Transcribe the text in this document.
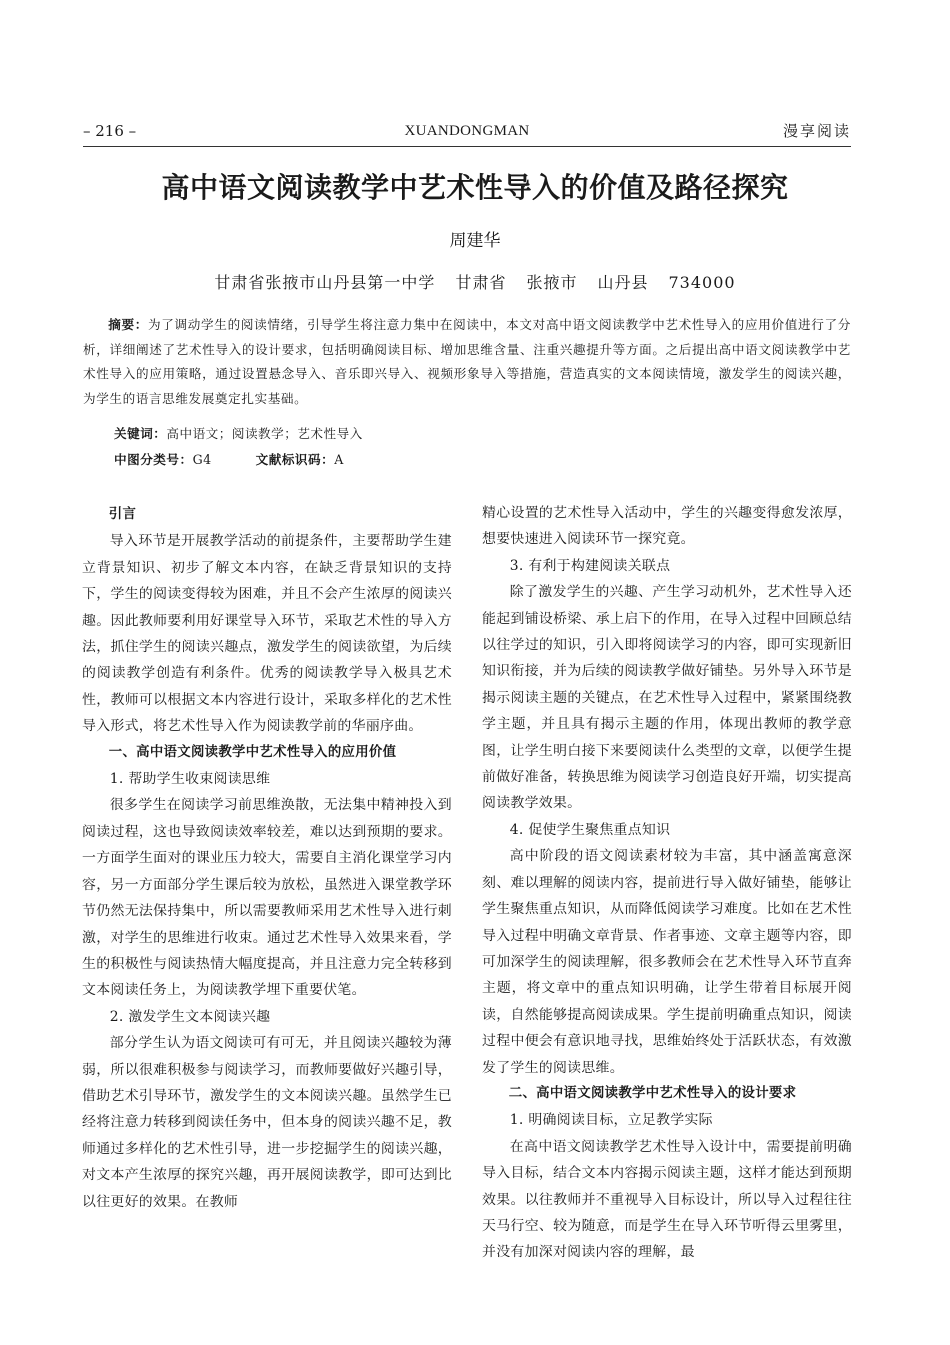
– 216 –	XUANDONGMAN	漫享阅读
高中语文阅读教学中艺术性导入的价值及路径探究
周建华
甘肃省张掖市山丹县第一中学 甘肃省 张掖市 山丹县 734000

摘要：为了调动学生的阅读情绪，引导学生将注意力集中在阅读中，本文对高中语文阅读教学中艺术性导入的应用价值进行了分析，详细阐述了艺术性导入的设计要求，包括明确阅读目标、增加思维含量、注重兴趣提升等方面。之后提出高中语文阅读教学中艺术性导入的应用策略，通过设置悬念导入、音乐即兴导入、视频形象导入等措施，营造真实的文本阅读情境，激发学生的阅读兴趣，为学生的语言思维发展奠定扎实基础。

关键词：高中语文；阅读教学；艺术性导入
中图分类号：G4	文献标识码：A

引言

导入环节是开展教学活动的前提条件，主要帮助学生建立背景知识、初步了解文本内容，在缺乏背景知识的支持下，学生的阅读变得较为困难，并且不会产生浓厚的阅读兴趣。因此教师要利用好课堂导入环节，采取艺术性的导入方法，抓住学生的阅读兴趣点，激发学生的阅读欲望，为后续的阅读教学创造有利条件。优秀的阅读教学导入极具艺术性，教师可以根据文本内容进行设计，采取多样化的艺术性导入形式，将艺术性导入作为阅读教学前的华丽序曲。

一、高中语文阅读教学中艺术性导入的应用价值

1. 帮助学生收束阅读思维

很多学生在阅读学习前思维涣散，无法集中精神投入到阅读过程，这也导致阅读效率较差，难以达到预期的要求。一方面学生面对的课业压力较大，需要自主消化课堂学习内容，另一方面部分学生课后较为放松，虽然进入课堂教学环节仍然无法保持集中，所以需要教师采用艺术性导入进行刺激，对学生的思维进行收束。通过艺术性导入效果来看，学生的积极性与阅读热情大幅度提高，并且注意力完全转移到文本阅读任务上，为阅读教学埋下重要伏笔。

2. 激发学生文本阅读兴趣

部分学生认为语文阅读可有可无，并且阅读兴趣较为薄弱，所以很难积极参与阅读学习，而教师要做好兴趣引导，借助艺术引导环节，激发学生的文本阅读兴趣。虽然学生已经将注意力转移到阅读任务中，但本身的阅读兴趣不足，教师通过多样化的艺术性引导，进一步挖掘学生的阅读兴趣，对文本产生浓厚的探究兴趣，再开展阅读教学，即可达到比以往更好的效果。在教师

精心设置的艺术性导入活动中，学生的兴趣变得愈发浓厚，想要快速进入阅读环节一探究竟。

3. 有利于构建阅读关联点

除了激发学生的兴趣、产生学习动机外，艺术性导入还能起到铺设桥梁、承上启下的作用，在导入过程中回顾总结以往学过的知识，引入即将阅读学习的内容，即可实现新旧知识衔接，并为后续的阅读教学做好铺垫。另外导入环节是揭示阅读主题的关键点，在艺术性导入过程中，紧紧围绕教学主题，并且具有揭示主题的作用，体现出教师的教学意图，让学生明白接下来要阅读什么类型的文章，以便学生提前做好准备，转换思维为阅读学习创造良好开端，切实提高阅读教学效果。

4. 促使学生聚焦重点知识

高中阶段的语文阅读素材较为丰富，其中涵盖寓意深刻、难以理解的阅读内容，提前进行导入做好铺垫，能够让学生聚焦重点知识，从而降低阅读学习难度。比如在艺术性导入过程中明确文章背景、作者事迹、文章主题等内容，即可加深学生的阅读理解，很多教师会在艺术性导入环节直奔主题，将文章中的重点知识明确，让学生带着目标展开阅读，自然能够提高阅读成果。学生提前明确重点知识，阅读过程中便会有意识地寻找，思维始终处于活跃状态，有效激发了学生的阅读思维。

二、高中语文阅读教学中艺术性导入的设计要求

1. 明确阅读目标，立足教学实际

在高中语文阅读教学艺术性导入设计中，需要提前明确导入目标，结合文本内容揭示阅读主题，这样才能达到预期效果。以往教师并不重视导入目标设计，所以导入过程往往天马行空、较为随意，而是学生在导入环节听得云里雾里，并没有加深对阅读内容的理解，最
